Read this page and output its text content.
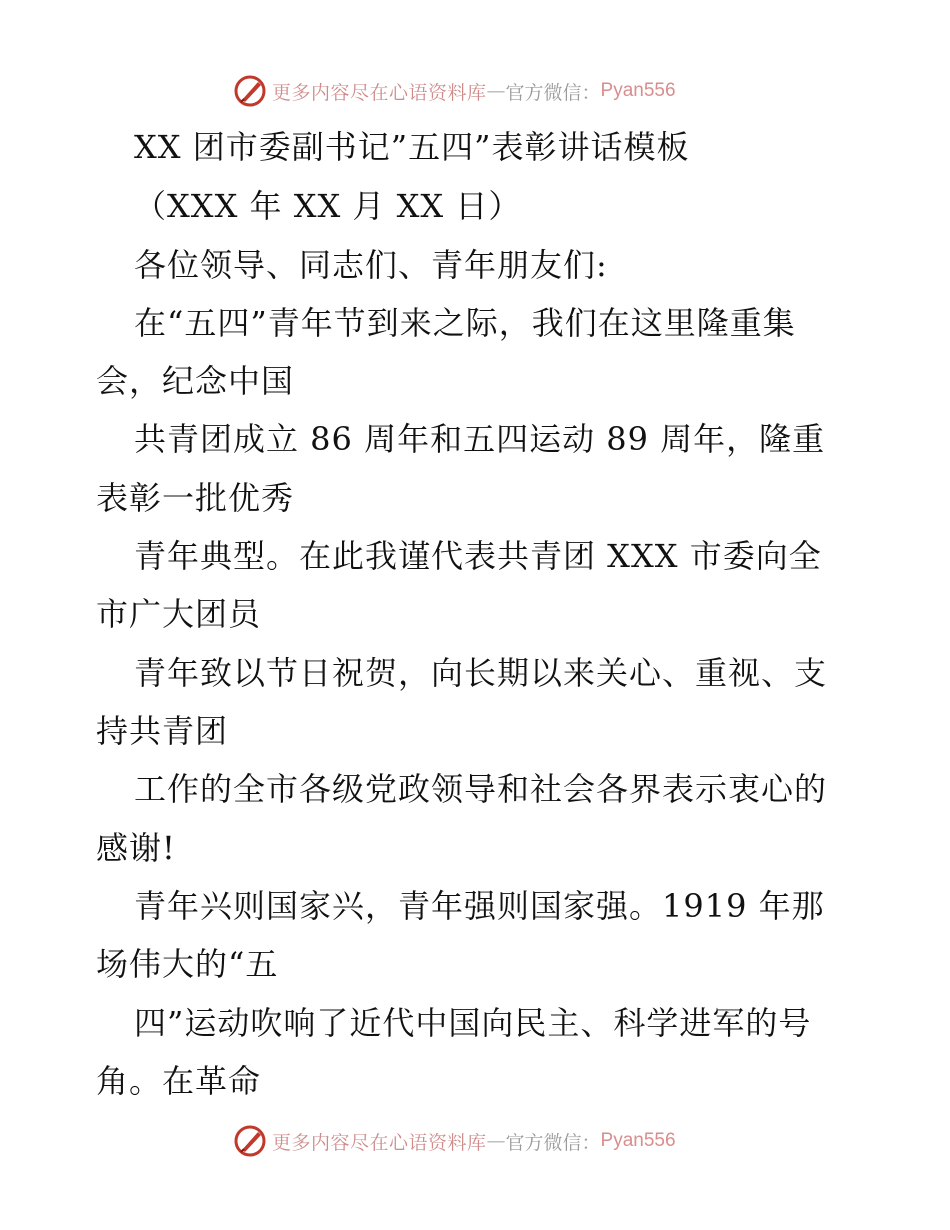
更多内容尽在心语资料库 — 官方微信： Pyan556
XX 团市委副书记”五四”表彰讲话模板
（XXX 年 XX 月 XX 日）
各位领导、同志们、青年朋友们:
在“五四”青年节到来之际，我们在这里隆重集
会，纪念中国
共青团成立 86 周年和五四运动 89 周年，隆重
表彰一批优秀
青年典型。在此我谨代表共青团 XXX 市委向全
市广大团员
青年致以节日祝贺，向长期以来关心、重视、支
持共青团
工作的全市各级党政领导和社会各界表示衷心的
感谢!
青年兴则国家兴，青年强则国家强。1919 年那
场伟大的“五
四”运动吹响了近代中国向民主、科学进军的号
角。在革命
更多内容尽在心语资料库 — 官方微信： Pyan556
